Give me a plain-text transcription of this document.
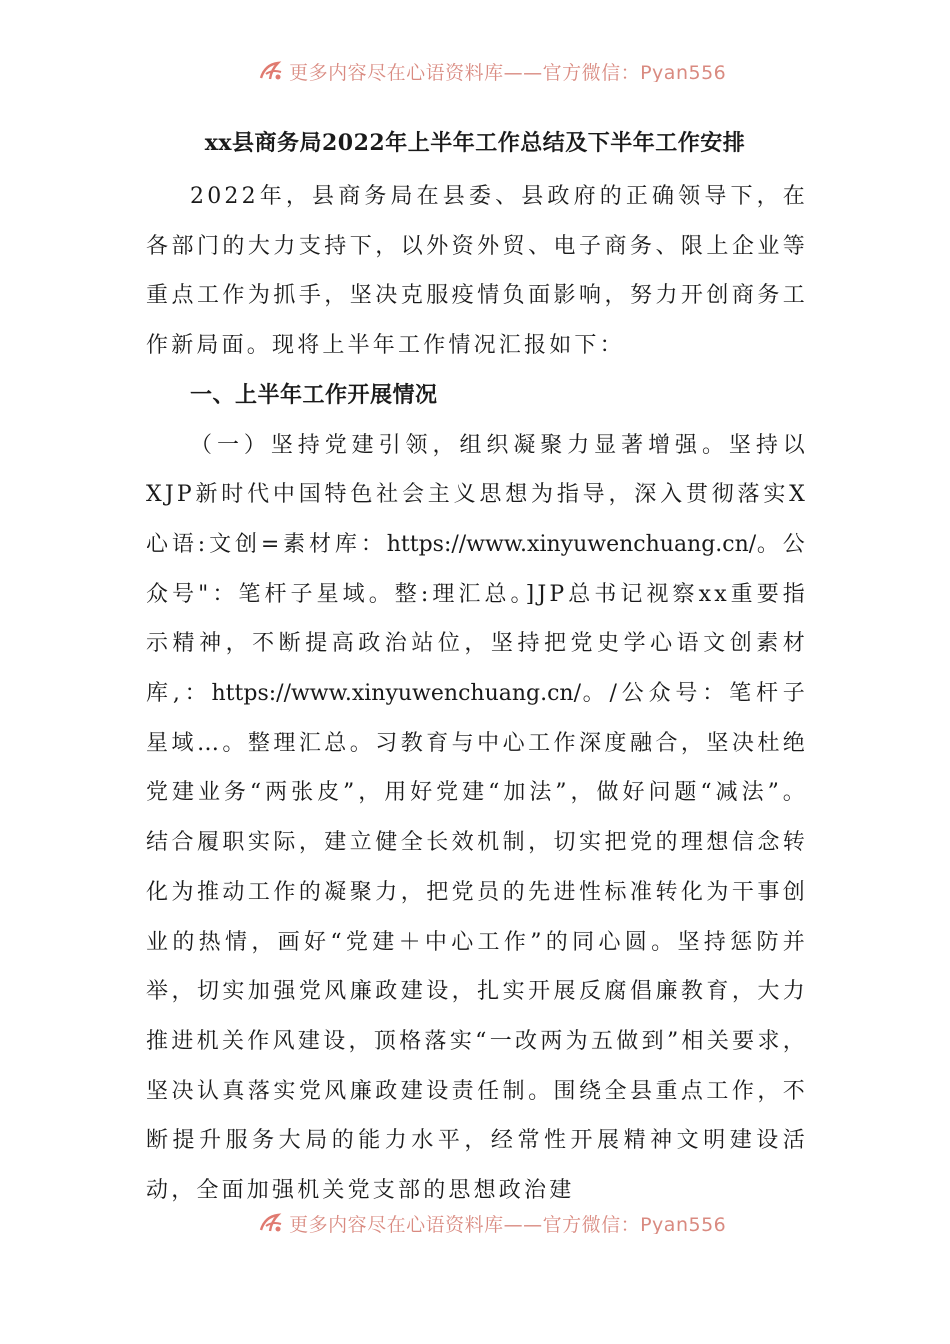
更多内容尽在心语资料库——官方微信：Pyan556
xx县商务局2022年上半年工作总结及下半年工作安排

2022年，县商务局在县委、县政府的正确领导下，在各部门的大力支持下，以外资外贸、电子商务、限上企业等重点工作为抓手，坚决克服疫情负面影响，努力开创商务工作新局面。现将上半年工作情况汇报如下：

一、上半年工作开展情况

（一）坚持党建引领，组织凝聚力显著增强。坚持以XJP新时代中国特色社会主义思想为指导，深入贯彻落实X心语:文创=素材库：https://www.xinyuwenchuang.cn/。公众号"：笔杆子星域。整:理汇总。]JP总书记视察xx重要指示精神，不断提高政治站位，坚持把党史学心语文创素材库,：https://www.xinyuwenchuang.cn/。/公众号：笔杆子星域…。整理汇总。习教育与中心工作深度融合，坚决杜绝党建业务“两张皮”，用好党建“加法”，做好问题“减法”。结合履职实际，建立健全长效机制，切实把党的理想信念转化为推动工作的凝聚力，把党员的先进性标准转化为干事创业的热情，画好“党建＋中心工作”的同心圆。坚持惩防并举，切实加强党风廉政建设，扎实开展反腐倡廉教育，大力推进机关作风建设，顶格落实“一改两为五做到”相关要求，坚决认真落实党风廉政建设责任制。围绕全县重点工作，不断提升服务大局的能力水平，经常性开展精神文明建设活动，全面加强机关党支部的思想政治建

更多内容尽在心语资料库——官方微信：Pyan556
